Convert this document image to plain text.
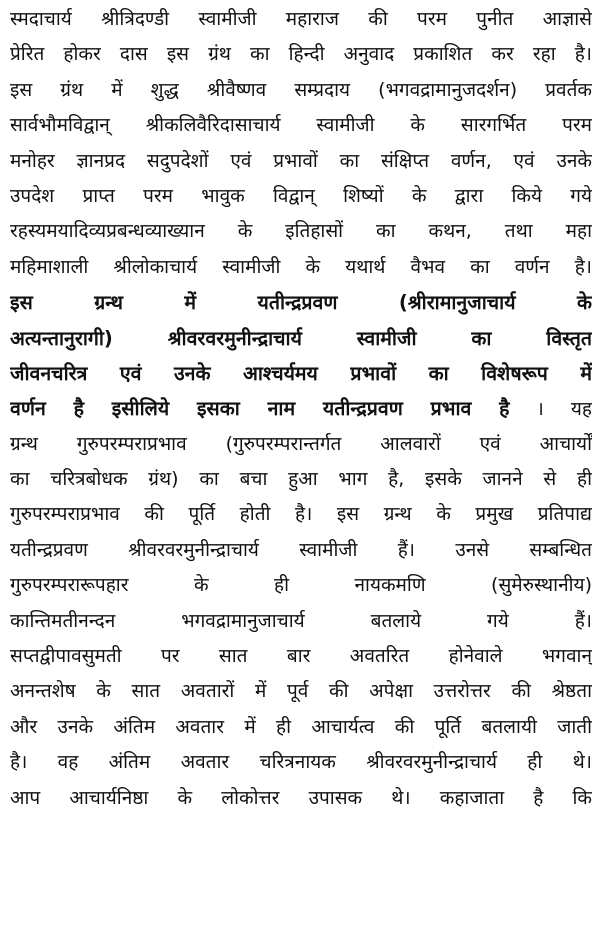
स्मदाचार्य श्रीत्रिदण्डी स्वामीजी महाराज की परम पुनीत आज्ञासे
प्रेरित होकर दास इस ग्रंथ का हिन्दी अनुवाद प्रकाशित कर रहा है।
इस ग्रंथ में शुद्ध श्रीवैष्णव सम्प्रदाय (भगवद्रामानुजदर्शन) प्रवर्तक
सार्वभौमविद्वान् श्रीकलिवैरिदासाचार्य स्वामीजी के सारगर्भित परम
मनोहर ज्ञानप्रद सदुपदेशों एवं प्रभावों का संक्षिप्त वर्णन, एवं उनके
उपदेश प्राप्त परम भावुक विद्वान् शिष्यों के द्वारा किये गये
रहस्यमयादिव्यप्रबन्धव्याख्यान के इतिहासों का कथन, तथा महा
महिमाशाली श्रीलोकाचार्य स्वामीजी के यथार्थ वैभव का वर्णन है।
इस ग्रन्थ में यतीन्द्रप्रवण (श्रीरामानुजाचार्य के
अत्यन्तानुरागी) श्रीवरवरमुनीन्द्राचार्य स्वामीजी का विस्तृत
जीवनचरित्र एवं उनके आश्चर्यमय प्रभावों का विशेषरूप में
वर्णन है इसीलिये इसका नाम यतीन्द्रप्रवण प्रभाव है । यह
ग्रन्थ गुरुपरम्पराप्रभाव (गुरुपरम्परान्तर्गत आलवारों एवं आचार्यों
का चरित्रबोधक ग्रंथ) का बचा हुआ भाग है, इसके जानने से ही
गुरुपरम्पराप्रभाव की पूर्ति होती है। इस ग्रन्थ के प्रमुख प्रतिपाद्य
यतीन्द्रप्रवण श्रीवरवरमुनीन्द्राचार्य स्वामीजी हैं। उनसे सम्बन्धित
गुरुपरम्परारूपहार के ही नायकमणि (सुमेरुस्थानीय)
कान्तिमतीनन्दन भगवद्रामानुजाचार्य बतलाये गये हैं।
सप्तद्वीपावसुमती पर सात बार अवतरित होनेवाले भगवान्
अनन्तशेष के सात अवतारों में पूर्व की अपेक्षा उत्तरोत्तर की श्रेष्ठता
और उनके अंतिम अवतार में ही आचार्यत्व की पूर्ति बतलायी जाती
है। वह अंतिम अवतार चरित्रनायक श्रीवरवरमुनीन्द्राचार्य ही थे।
आप आचार्यनिष्ठा के लोकोत्तर उपासक थे। कहाजाता है कि
